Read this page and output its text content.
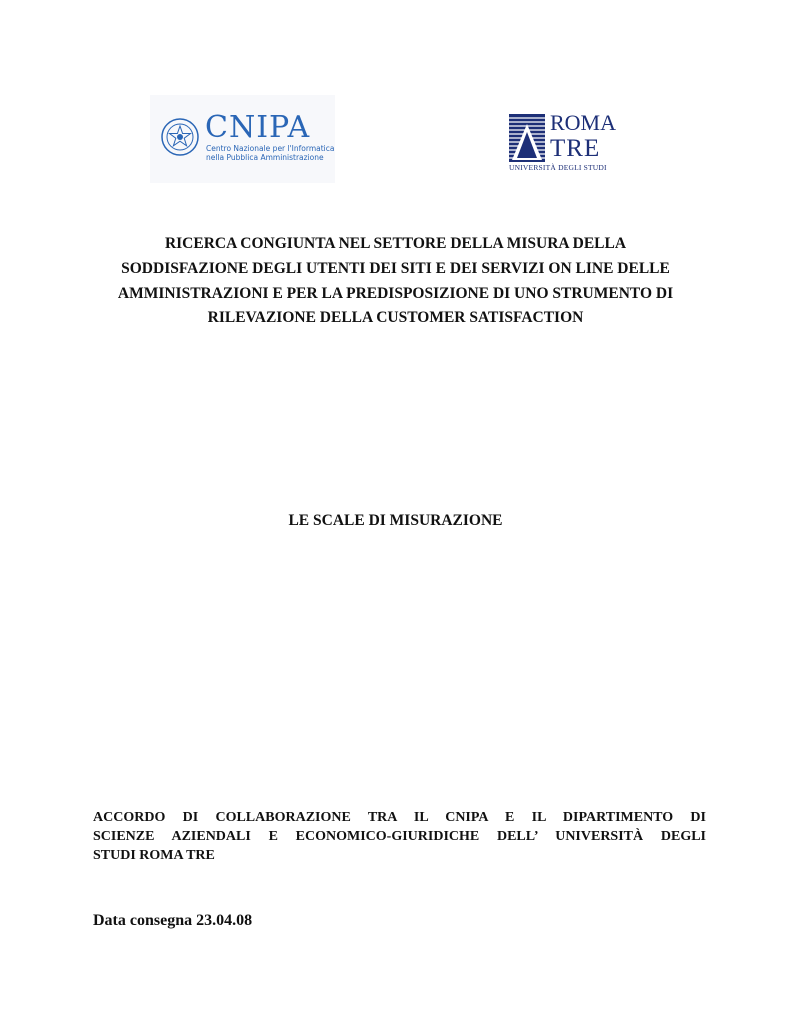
CNIPA
Centro Nazionale per l'Informatica
nella Pubblica Amministrazione
ROMA
TRE
UNIVERSITÀ DEGLI STUDI
RICERCA CONGIUNTA NEL SETTORE DELLA MISURA DELLA
SODDISFAZIONE DEGLI UTENTI DEI SITI E DEI SERVIZI ON LINE DELLE
AMMINISTRAZIONI E PER LA PREDISPOSIZIONE DI UNO STRUMENTO DI
RILEVAZIONE DELLA CUSTOMER SATISFACTION
LE SCALE DI MISURAZIONE
ACCORDO DI COLLABORAZIONE TRA IL CNIPA E IL DIPARTIMENTO DI
SCIENZE AZIENDALI E ECONOMICO-GIURIDICHE DELL’ UNIVERSITÀ DEGLI
STUDI ROMA TRE
Data consegna 23.04.08
